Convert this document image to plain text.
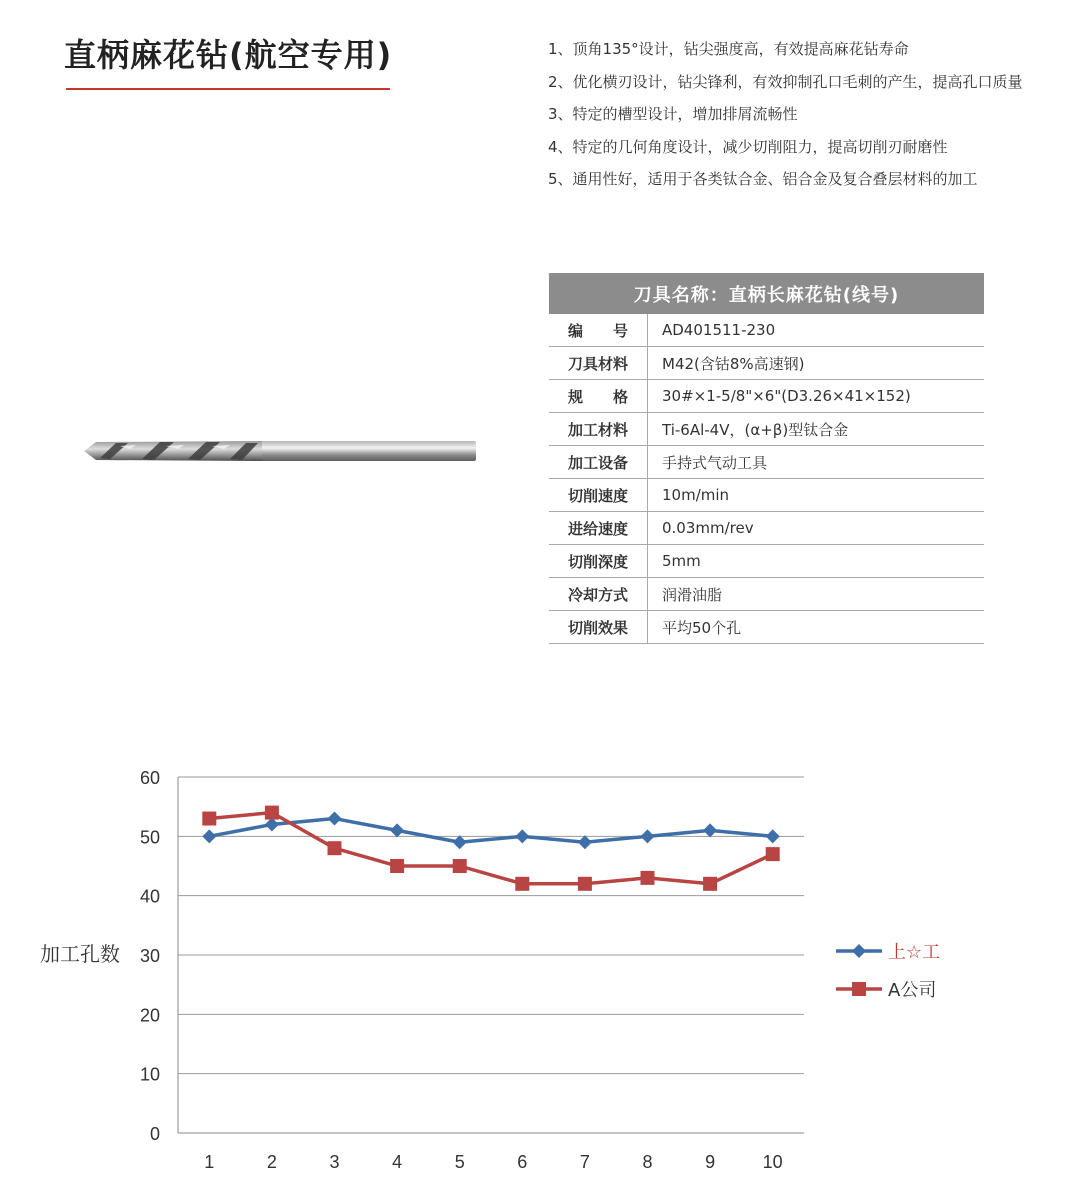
直柄麻花钻(航空专用)	1、顶角135°设计，钻尖强度高，有效提高麻花钻寿命
2、优化横刃设计，钻尖锋利，有效抑制孔口毛刺的产生，提高孔口质量
3、特定的槽型设计，增加排屑流畅性
4、特定的几何角度设计，减少切削阻力，提高切削刃耐磨性
5、通用性好，适用于各类钛合金、铝合金及复合叠层材料的加工
刀具名称：直柄长麻花钻(线号)	
编　　号	AD401511-230
刀具材料	M42(含钴8%高速钢)
规　　格	30#×1-5/8"×6"(D3.26×41×152)
加工材料	Ti-6Al-4V，(α+β)型钛合金
加工设备	手持式气动工具
切削速度	10m/min
进给速度	0.03mm/rev
切削深度	5mm
冷却方式	润滑油脂
切削效果	平均50个孔
0
10
20
30
40
50
60
1	2	3	4	5	6	7	8	9	10
加工孔数	上☆工
A公司
